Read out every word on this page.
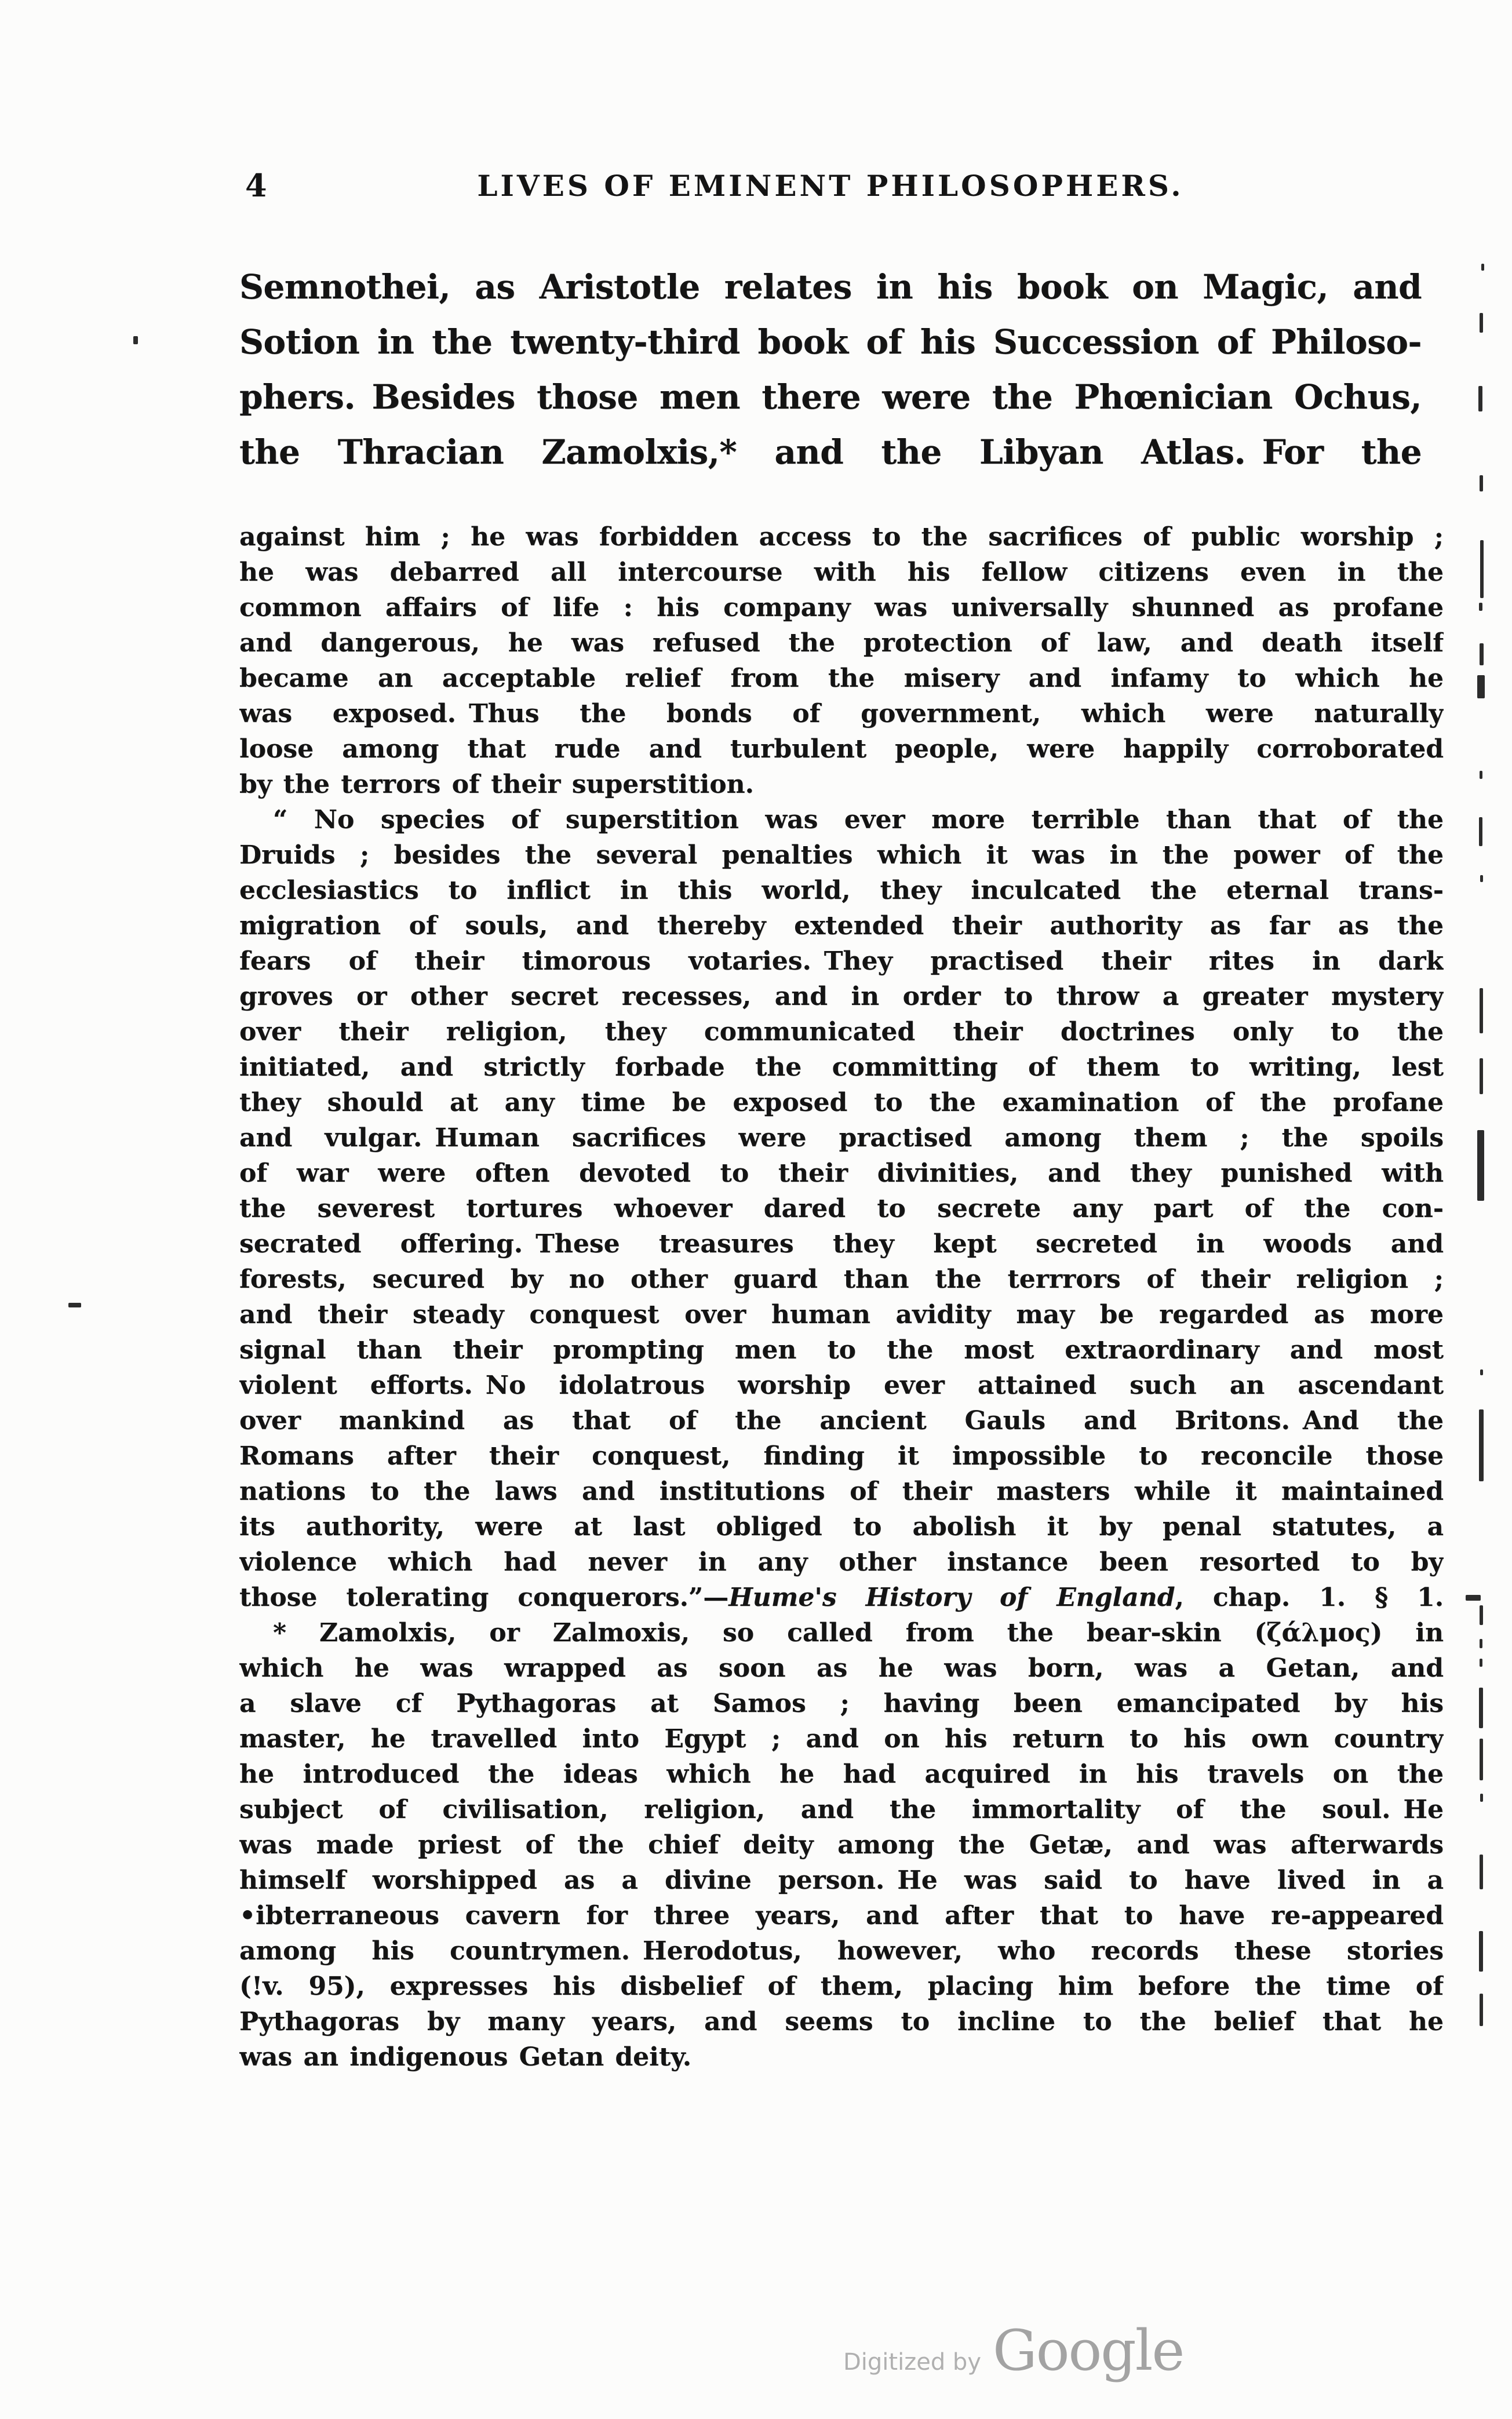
4	LIVES OF EMINENT PHILOSOPHERS.
Semnothei, as Aristotle relates in his book on Magic, and
Sotion in the twenty-third book of his Succession of Philoso-
phers. Besides those men there were the Phœnician Ochus,
the Thracian Zamolxis,* and the Libyan Atlas. For the
against him ; he was forbidden access to the sacrifices of public worship ;
he was debarred all intercourse with his fellow citizens even in the
common affairs of life : his company was universally shunned as profane
and dangerous, he was refused the protection of law, and death itself
became an acceptable relief from the misery and infamy to which he
was exposed. Thus the bonds of government, which were naturally
loose among that rude and turbulent people, were happily corroborated
by the terrors of their superstition.
“ No species of superstition was ever more terrible than that of the
Druids ; besides the several penalties which it was in the power of the
ecclesiastics to inflict in this world, they inculcated the eternal trans-
migration of souls, and thereby extended their authority as far as the
fears of their timorous votaries. They practised their rites in dark
groves or other secret recesses, and in order to throw a greater mystery
over their religion, they communicated their doctrines only to the
initiated, and strictly forbade the committing of them to writing, lest
they should at any time be exposed to the examination of the profane
and vulgar. Human sacrifices were practised among them ; the spoils
of war were often devoted to their divinities, and they punished with
the severest tortures whoever dared to secrete any part of the con-
secrated offering. These treasures they kept secreted in woods and
forests, secured by no other guard than the terrrors of their religion ;
and their steady conquest over human avidity may be regarded as more
signal than their prompting men to the most extraordinary and most
violent efforts. No idolatrous worship ever attained such an ascendant
over mankind as that of the ancient Gauls and Britons. And the
Romans after their conquest, finding it impossible to reconcile those
nations to the laws and institutions of their masters while it maintained
its authority, were at last obliged to abolish it by penal statutes, a
violence which had never in any other instance been resorted to by
those tolerating conquerors.”—Hume's History of England, chap. 1. § 1.
* Zamolxis, or Zalmoxis, so called from the bear-skin (ζάλμος) in
which he was wrapped as soon as he was born, was a Getan, and
a slave cf Pythagoras at Samos ; having been emancipated by his
master, he travelled into Egypt ; and on his return to his own country
he introduced the ideas which he had acquired in his travels on the
subject of civilisation, religion, and the immortality of the soul. He
was made priest of the chief deity among the Getæ, and was afterwards
himself worshipped as a divine person. He was said to have lived in a
•ibterraneous cavern for three years, and after that to have re-appeared
among his countrymen. Herodotus, however, who records these stories
(!v. 95), expresses his disbelief of them, placing him before the time of
Pythagoras by many years, and seems to incline to the belief that he
was an indigenous Getan deity.
Digitized by Google
